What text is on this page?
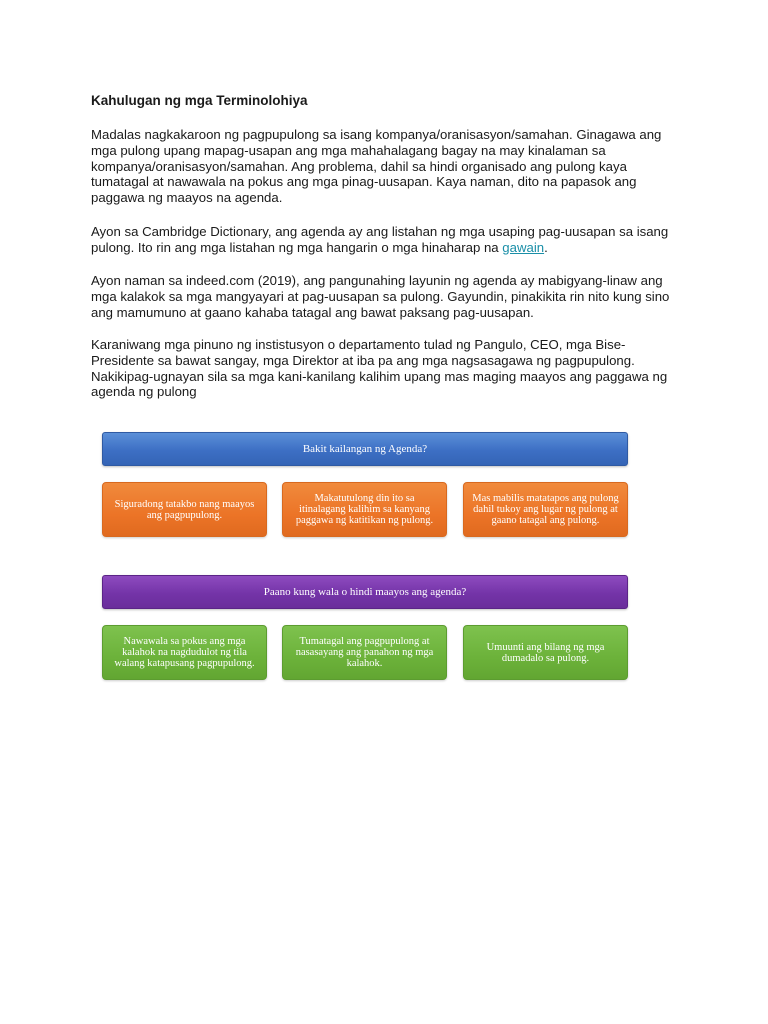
Kahulugan ng mga Terminolohiya

Madalas nagkakaroon ng pagpupulong sa isang kompanya/oranisasyon/samahan. Ginagawa ang mga pulong upang mapag-usapan ang mga mahahalagang bagay na may kinalaman sa kompanya/oranisasyon/samahan. Ang problema, dahil sa hindi organisado ang pulong kaya tumatagal at nawawala na pokus ang mga pinag-uusapan. Kaya naman, dito na papasok ang paggawa ng maayos na agenda.

Ayon sa Cambridge Dictionary, ang agenda ay ang listahan ng mga usaping pag-uusapan sa isang pulong. Ito rin ang mga listahan ng mga hangarin o mga hinaharap na gawain.

Ayon naman sa indeed.com (2019), ang pangunahing layunin ng agenda ay mabigyang-linaw ang mga kalakok sa mga mangyayari at pag-uusapan sa pulong. Gayundin, pinakikita rin nito kung sino ang mamumuno at gaano kahaba tatagal ang bawat paksang pag-uusapan.

Karaniwang mga pinuno ng instistusyon o departamento tulad ng Pangulo, CEO, mga Bise-Presidente sa bawat sangay, mga Direktor at iba pa ang mga nagsasagawa ng pagpupulong. Nakikipag-ugnayan sila sa mga kani-kanilang kalihim upang mas maging maayos ang paggawa ng agenda ng pulong

Bakit kailangan ng Agenda?
Siguradong tatakbo nang maayos ang pagpupulong.
Makatutulong din ito sa itinalagang kalihim sa kanyang paggawa ng katitikan ng pulong.
Mas mabilis matatapos ang pulong dahil tukoy ang lugar ng pulong at gaano tatagal ang pulong.
Paano kung wala o hindi maayos ang agenda?
Nawawala sa pokus ang mga kalahok na nagdudulot ng tila walang katapusang pagpupulong.
Tumatagal ang pagpupulong at nasasayang ang panahon ng mga kalahok.
Umuunti ang bilang ng mga dumadalo sa pulong.
